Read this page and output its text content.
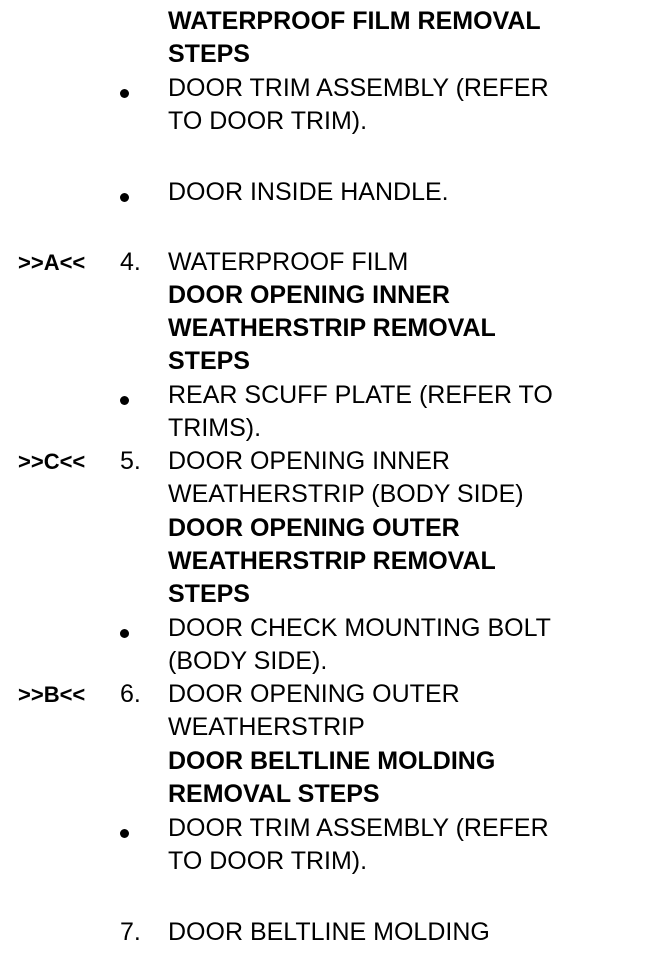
WATERPROOF FILM REMOVAL
STEPS
DOOR TRIM ASSEMBLY (REFER
TO DOOR TRIM).
DOOR INSIDE HANDLE.
>>A<< 4. WATERPROOF FILM
DOOR OPENING INNER
WEATHERSTRIP REMOVAL
STEPS
REAR SCUFF PLATE (REFER TO
TRIMS).
>>C<< 5. DOOR OPENING INNER
WEATHERSTRIP (BODY SIDE)
DOOR OPENING OUTER
WEATHERSTRIP REMOVAL
STEPS
DOOR CHECK MOUNTING BOLT
(BODY SIDE).
>>B<< 6. DOOR OPENING OUTER
WEATHERSTRIP
DOOR BELTLINE MOLDING
REMOVAL STEPS
DOOR TRIM ASSEMBLY (REFER
TO DOOR TRIM).
7. DOOR BELTLINE MOLDING
